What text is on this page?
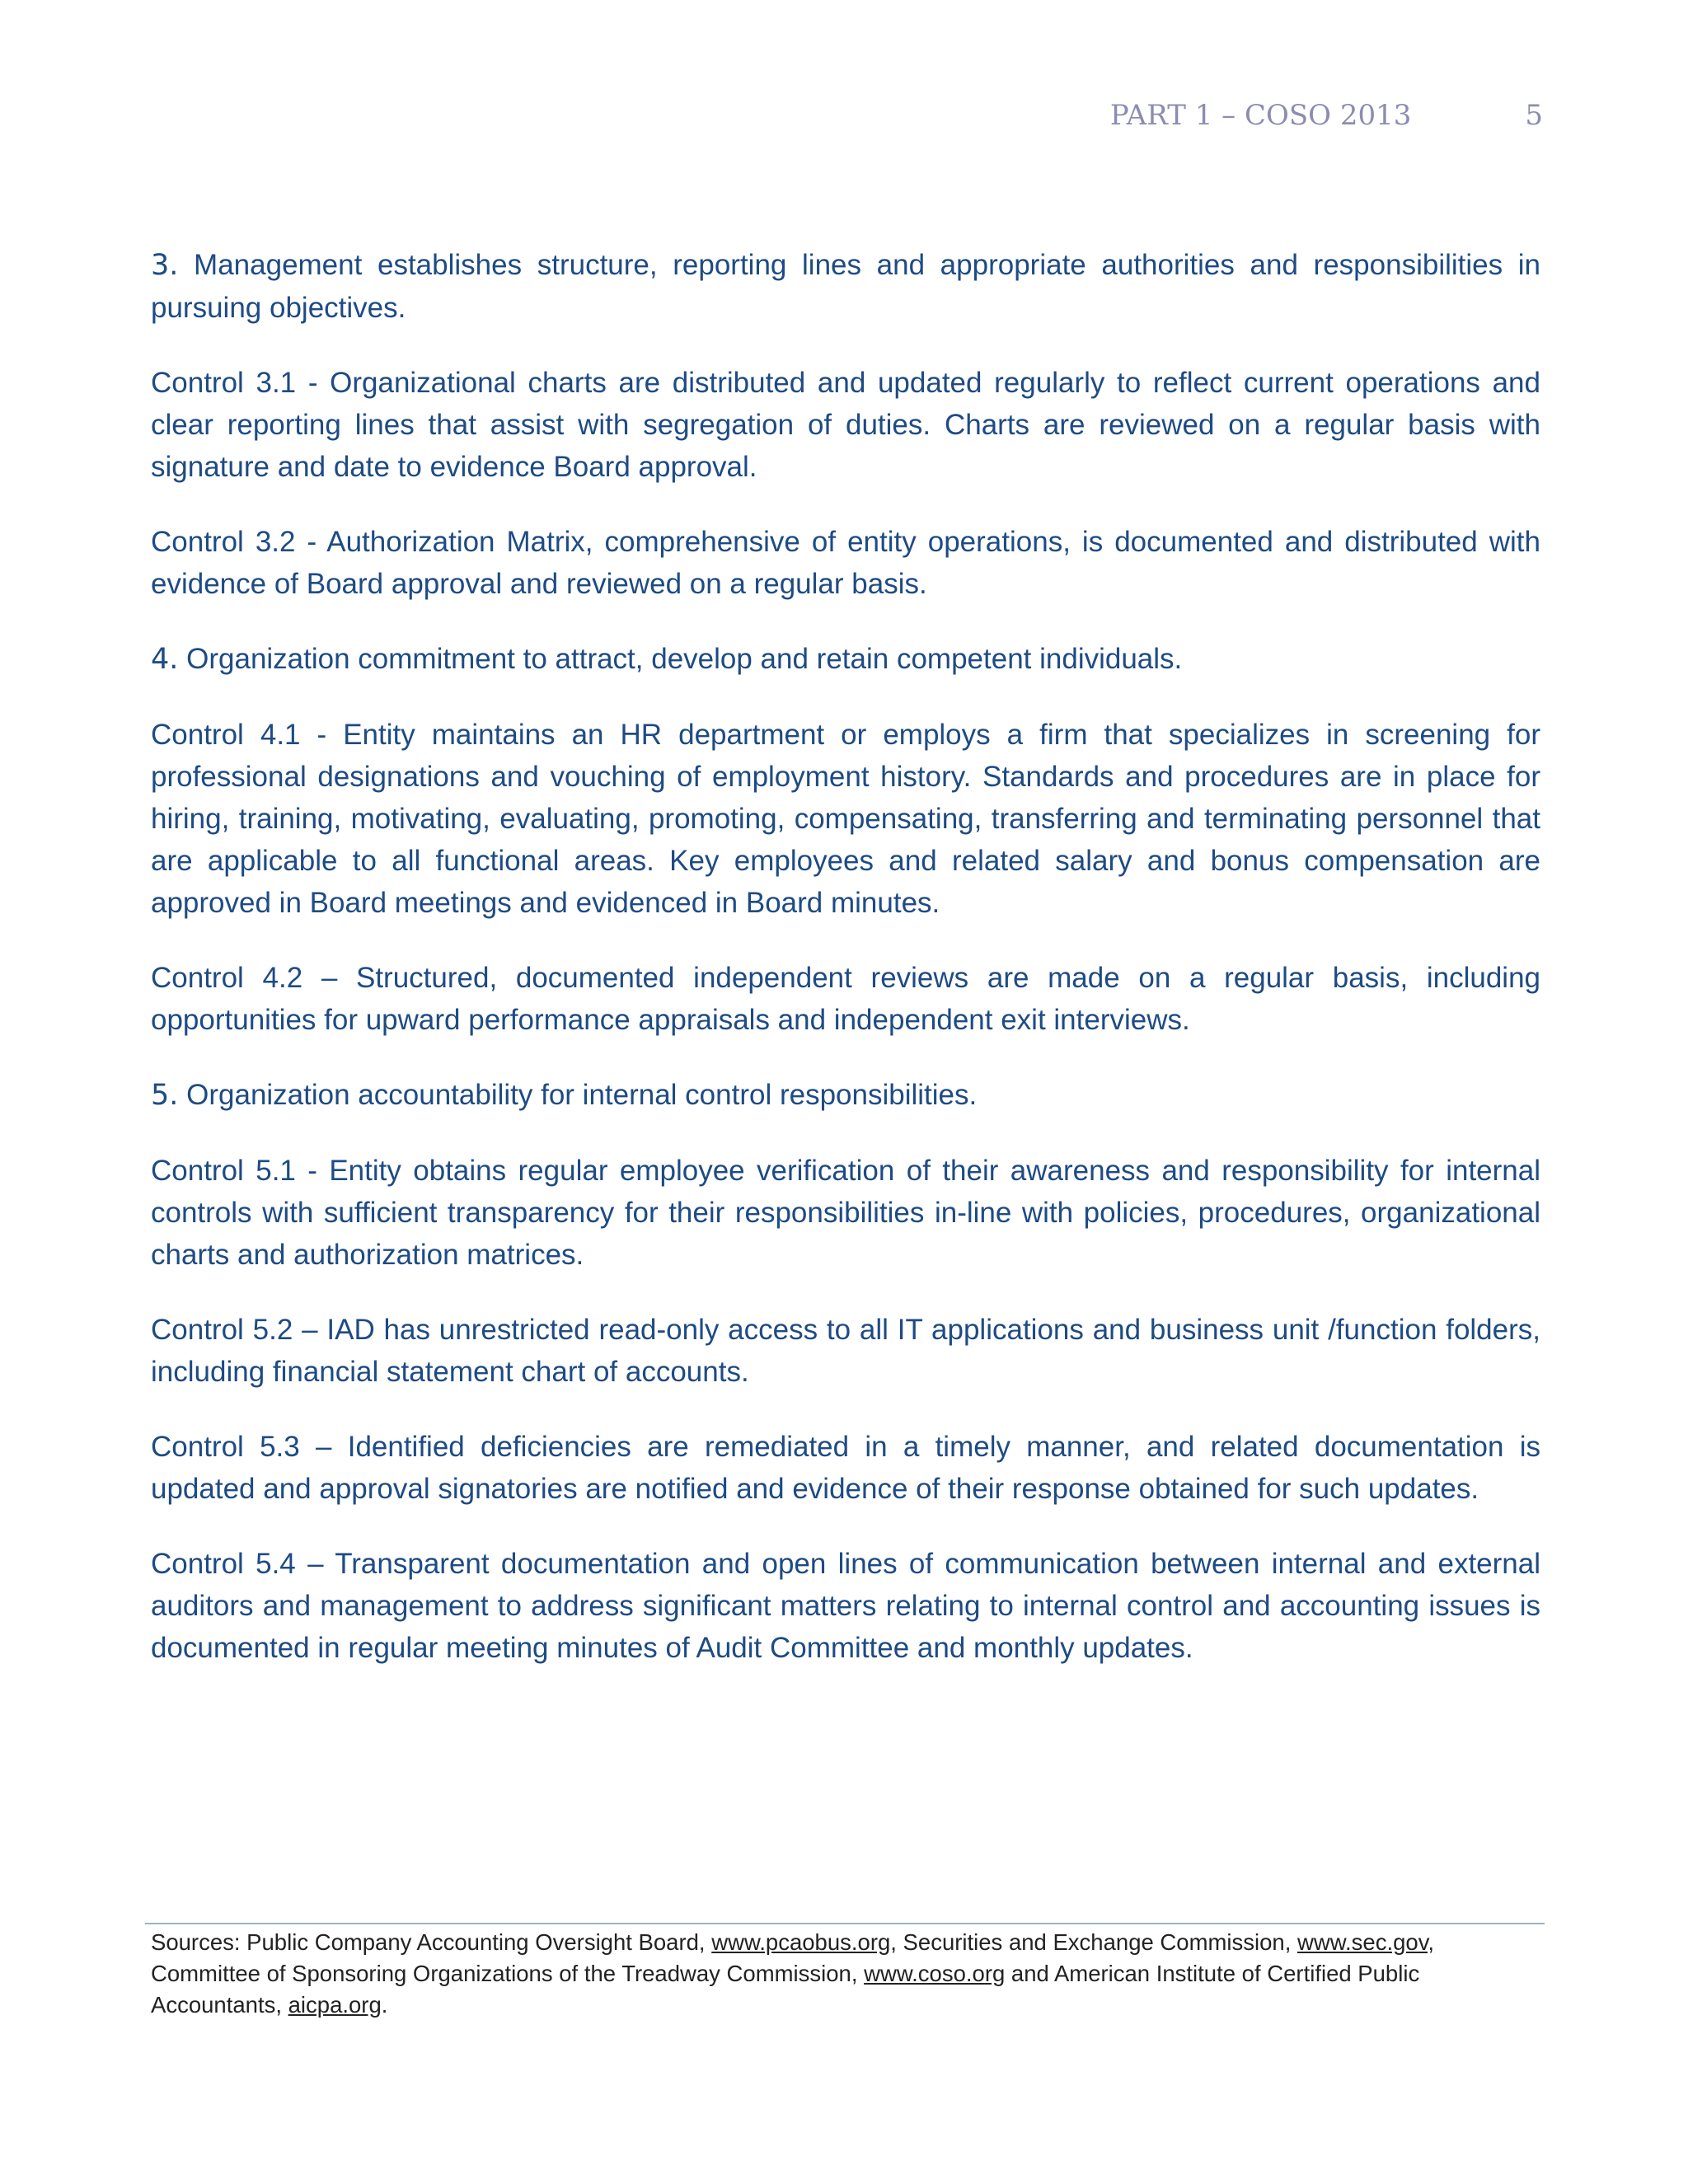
PART 1 – COSO 2013	5

3. Management establishes structure, reporting lines and appropriate authorities and responsibilities in pursuing objectives.

Control 3.1 - Organizational charts are distributed and updated regularly to reflect current operations and clear reporting lines that assist with segregation of duties. Charts are reviewed on a regular basis with signature and date to evidence Board approval.

Control 3.2 - Authorization Matrix, comprehensive of entity operations, is documented and distributed with evidence of Board approval and reviewed on a regular basis.

4. Organization commitment to attract, develop and retain competent individuals.

Control 4.1 - Entity maintains an HR department or employs a firm that specializes in screening for professional designations and vouching of employment history. Standards and procedures are in place for hiring, training, motivating, evaluating, promoting, compensating, transferring and terminating personnel that are applicable to all functional areas. Key employees and related salary and bonus compensation are approved in Board meetings and evidenced in Board minutes.

Control 4.2 – Structured, documented independent reviews are made on a regular basis, including opportunities for upward performance appraisals and independent exit interviews.

5. Organization accountability for internal control responsibilities.

Control 5.1 - Entity obtains regular employee verification of their awareness and responsibility for internal controls with sufficient transparency for their responsibilities in-line with policies, procedures, organizational charts and authorization matrices.

Control 5.2 – IAD has unrestricted read-only access to all IT applications and business unit /function folders, including financial statement chart of accounts.

Control 5.3 – Identified deficiencies are remediated in a timely manner, and related documentation is updated and approval signatories are notified and evidence of their response obtained for such updates.

Control 5.4 – Transparent documentation and open lines of communication between internal and external auditors and management to address significant matters relating to internal control and accounting issues is documented in regular meeting minutes of Audit Committee and monthly updates.

Sources: Public Company Accounting Oversight Board, www.pcaobus.org, Securities and Exchange Commission, www.sec.gov, Committee of Sponsoring Organizations of the Treadway Commission, www.coso.org and American Institute of Certified Public Accountants, aicpa.org.
